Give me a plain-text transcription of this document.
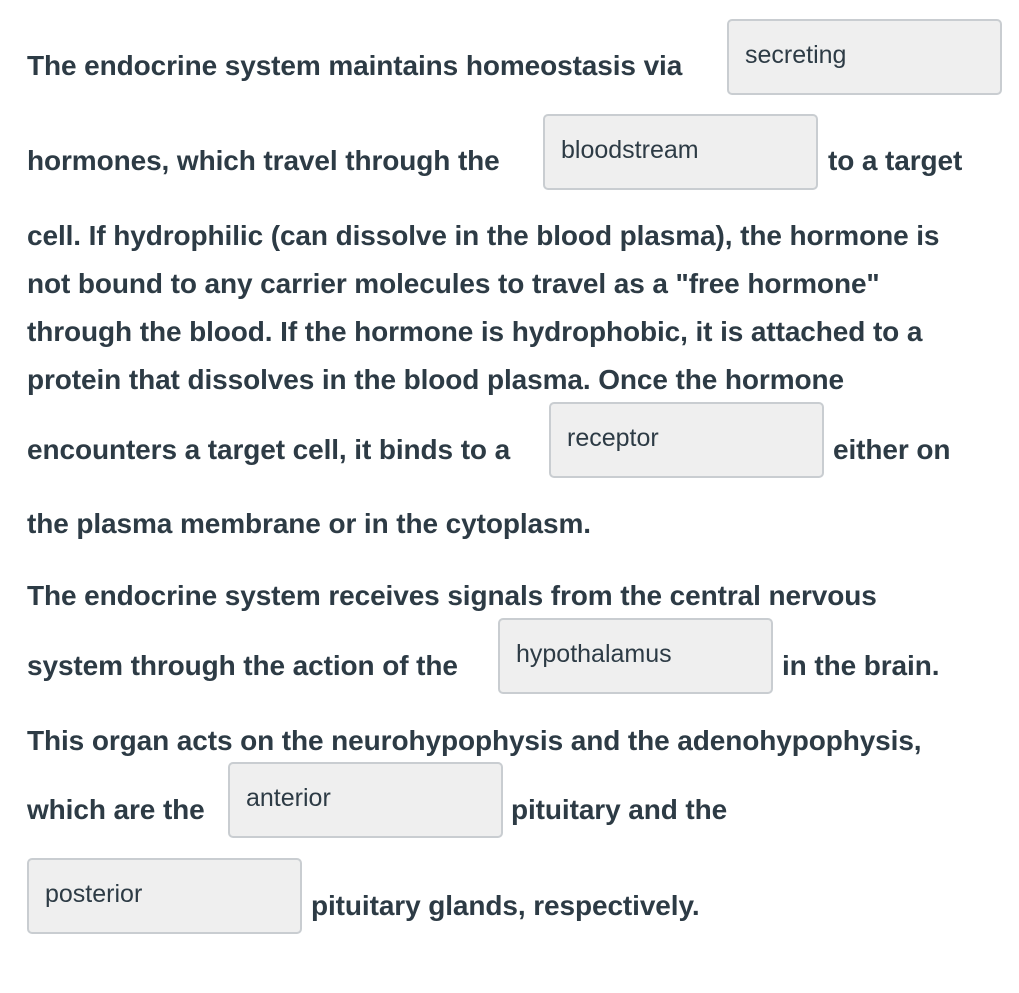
The endocrine system maintains homeostasis via	secreting
hormones, which travel through the	bloodstream	to a target
cell. If hydrophilic (can dissolve in the blood plasma), the hormone is
not bound to any carrier molecules to travel as a "free hormone"
through the blood. If the hormone is hydrophobic, it is attached to a
protein that dissolves in the blood plasma. Once the hormone
encounters a target cell, it binds to a	receptor	either on
the plasma membrane or in the cytoplasm.
The endocrine system receives signals from the central nervous
system through the action of the	hypothalamus	in the brain.
This organ acts on the neurohypophysis and the adenohypophysis,
which are the	anterior	pituitary and the
posterior	pituitary glands, respectively.
